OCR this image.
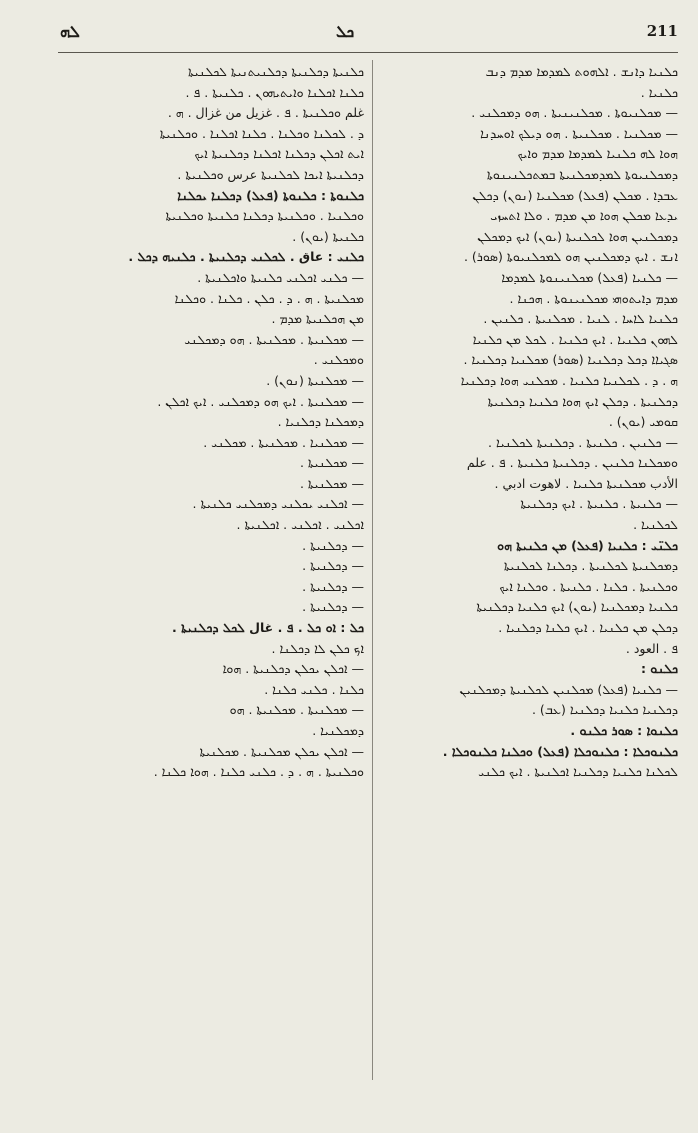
ܠܗ	ܟܠ	211
ܟܠܢܝܐ ܕܐܢܫ . ܐܠܗܘܬ ܠܡܕܡܐ ܡܕܡ ܕܢܒ
ܟܠܢܝܐ .
— ܡܟܠܢܝܘܬܐ . ܡܟܠܢܝܢܝܬܐ . ܗܘ ܕܡܟܠܢܝ .
— ܡܟܠܢܝܐ . ܡܟܠܢܝܬܐ . ܗܘ ܕܝܠܟ ܐܘܚܕܢܐ
ܗܘܐ ܠܗ ܟܠܢܝܐ ܠܡܕܡܐ ܡܕܡ ܘܐܝܟ
ܕܡܟܠܢܝܘܬܐ ܠܡܕܡܟܠܢܝܬܐ ܒܡܬܟܠܢܝܢܘܬܐ
ܥܒܕܐ . ܡܟܠܢ (ܦܥܠ) ܡܟܠܢܝܐ (ܢܘܢ) ܕܟܠܢ
ܝܕܥܐ ܡܟܠܢ ܗܘܐ ܡܢ ܡܕܡ . ܘܠܐ ܐܬܚܙܝ
ܕܡܟܠܢܝܢ ܗܘܐ ܠܟܠܢܝܬܐ (ܝܘܢ) ܐܝܟ ܕܡܟܠܢ
ܐܢܫ . ܐܝܟ ܕܡܟܠܢܝܢ ܗܘ ܠܡܟܠܢܝܘܬܐ (ܣܘܪ) .
— ܟܠܢܝܐ (ܦܥܠ) ܡܟܠܢܝܢܘܬܐ ܠܡܕܡܐ
ܡܕܡ ܕܐܝܬܘܗܝ ܡܟܠܢܝܢܘܬܐ . ܗܟܢܐ .
ܟܠܢܝܐ ܠܐܚܐ . ܠܢܝܐ . ܡܟܠܢܝܬܐ . ܟܠܢܝܢ .
ܠܗܘܢ ܟܠܢܝܐ . ܐܝܟ ܟܠܢܝܐ . ܠܟܠ ܡܢ ܟܠܢܝܐ
ܣܓܝܐܐ ܕܟܠ ܕܟܠܢܝܐ (ܣܘܪ) ܡܟܠܢܝܐ ܕܟܠܢܝܐ .
ܗ . ܕ . ܠܟܠܢܝܐ ܟܠܢܝܐ . ܡܟܠܢܝ ܗܘܐ ܕܟܠܢܝܐ
ܕܟܠܢܝܬܐ . ܕܟܠܢ ܐܝܟ ܗܘܐ ܟܠܢܝܐ ܕܟܠܢܝܬܐ
ܩܘܡܝ (ܝܘܢ) .
— ܟܠܢܝܢ . ܟܠܢܝܬܐ . ܕܟܠܢܝܬܐ ܠܟܠܢܝܐ .
ܘܡܟܠܢܐ ܟܠܢܝܢ . ܕܟܠܢܝܬܐ ܟܠܢܝܬܐ . ܦ . علم
الأدب ܡܟܠܢܝܬܐ ܟܠܢܝܐ . لاهوت ادبي .
— ܟܠܢܝܬܐ . ܟܠܢܝܬܐ . ܐܝܟ ܕܟܠܢܝܬܐ
ܠܟܠܢܝܐ .
ܟܠܢ̈ܝ : ܟܠܢܝܐ (ܦܥܠ) ܡܢ ܟܠܢܝܬܐ ܗܘ
ܕܡܟܠܢܝܬܐ ܠܟܠܢܝܬܐ . ܕܟܠܢܐ ܠܟܠܢܝܬܐ
ܘܟܠܢܝܬܐ . ܟܠܢܐ . ܟܠܢܝܬܐ . ܘܟܠܢܐ ܐܝܟ
ܟܠܢܝܐ ܕܡܟܠܢܝܐ (ܝܘܢ) ܐܝܟ ܟܠܢܝܐ ܕܟܠܢܝܬܐ
ܕܟܠܢ ܡܢ ܟܠܢܝܐ . ܐܝܟ ܟܠܢܐ ܕܟܠܢܝܐ .
ܦ . العود .
ܟܠܢܘ :
— ܟܠܢܝܐ (ܦܥܠ) ܡܟܠܢܝܢ ܠܟܠܢܝܬܐ ܕܡܟܠܢܝܢ
ܕܟܠܢܝܐ ܟܠܢܝܐ ܕܟܠܢܝܐ (ܥܒ) .
ܟܠܢܘܐ : ܣܘܪ ܟܠܢܘ .
ܟܠܢܘܟܠܐ : ܟܠܢܘܟܠܐ (ܦܥܠ) ܘܟܠܢܐ ܟܠܢܘܟܠܐ .
ܠܟܠܢܐ ܟܠܢܝܐ ܕܟܠܢܝܐ ܐܟܠܢܝܬܐ . ܐܝܟ ܟܠܢܝ
ܟܠܢܝܬܐ ܕܟܠܢܝܬܐ ܕܟܠܢܝܬܢܝܬܐ ܠܟܠܢܝܬܐ
ܟܠܢܐ ܐܟܠܢܐ ܘܐܝܬܝܗܘܢ . ܟܠܢܝܬܐ . ܦ .
غلم ܘܟܠܢܝܬܐ . ܦ . غزيل من غزال . ܗ .
ܕ . ܠܟܠܢܐ ܘܟܠܢܐ . ܟܠܢܐ ܐܟܠܢܐ . ܘܟܠܢܝܬܐ
ܐܝܬ ܐܟܠܢ ܕܟܠܢܐ ܐܟܠܢܐ ܕܟܠܢܝܬܐ ܐܝܟ
ܕܟܠܢܝܬܐ ܐܝܟܐ ܠܟܠܢܝܬܐ عرس ܘܟܠܢܝܬܐ .
ܟܠܢܘܬܐ : ܟܠܢܘܬܐ (ܦܥܠ) ܕܟܠܢܐ ܝܟܠܢܐ
ܘܟܠܢܝܐ . ܘܟܠܢܝܬܐ ܕܟܠܢܐ ܟܠܢܝܬܐ ܘܟܠܢܝܬܐ
ܟܠܢܝܬܐ (ܝܘܢ) .
ܟܠܢܝ : عاق . ܠܟܠܢܝ ܕܟܠܢܝܬܐ . ܟܠܢܝܗ ܕܟܠ .
— ܟܠܢܝ ܐܟܠܢܝ ܟܠܢܝܬܐ ܘܐܟܠܢܝܬܐ .
ܡܟܠܢܝܬܐ . ܗ . ܕ . ܟܠܢ . ܟܠܢܐ . ܘܟܠܢܐ
ܡܢ ܗܟܠܢܝܬܐ ܡܕܡ .
— ܡܟܠܢܝܬܐ . ܡܟܠܢܝܬܐ . ܗܘ ܕܡܟܠܢܝ
ܘܡܟܠܢܝ .
— ܡܟܠܢܝܬܐ (ܢܘܢ) .
— ܡܟܠܢܝܬܐ . ܐܝܟ ܗܘ ܕܡܟܠܢܝ . ܐܝܟ ܐܟܠܢ .
ܕܡܟܠܢܐ ܕܟܠܢܝܐ .
— ܡܟܠܢܝܐ . ܡܟܠܢܝܬܐ . ܡܟܠܢܝ .
— ܡܟܠܢܝܬܐ .
— ܡܟܠܢܝܬܐ .
— ܐܟܠܢܝ ܝܟܠܢܝ ܕܡܟܠܢܝ ܟܠܢܝܬܐ .
ܐܟܠܢܝ . ܐܟܠܢܝ . ܐܟܠܢܝܬܐ .
— ܕܟܠܢܝܬܐ .
— ܕܟܠܢܝܬܐ .
— ܕܟܠܢܝܬܐ .
— ܕܟܠܢܝܬܐ .
ܟܠ : ܐܘ ܟܠ . ܦ . غال ܠܟܠ ܕܟܠܢܝܬܐ .
ܐܟ ܟܠܢ ܠܐ ܕܟܠܢܐ .
— ܐܟܠܢ ܝܟܠܢ ܕܟܠܢܝܬܐ . ܗܘܐ
ܟܠܢܐ . ܟܠܢܝ ܟܠܢܐ .
— ܡܟܠܢܝܬܐ . ܡܟܠܢܝܬܐ . ܗܘ
ܕܡܟܠܢܝܐ .
— ܐܟܠܢ ܝܟܠܢ ܡܟܠܢܝܬܐ . ܡܟܠܢܝܬܐ
ܘܟܠܢܝܬܐ . ܗ . ܕ . ܟܠܢܝ ܟܠܢܐ . ܗܘܐ ܟܠܢܐ .
